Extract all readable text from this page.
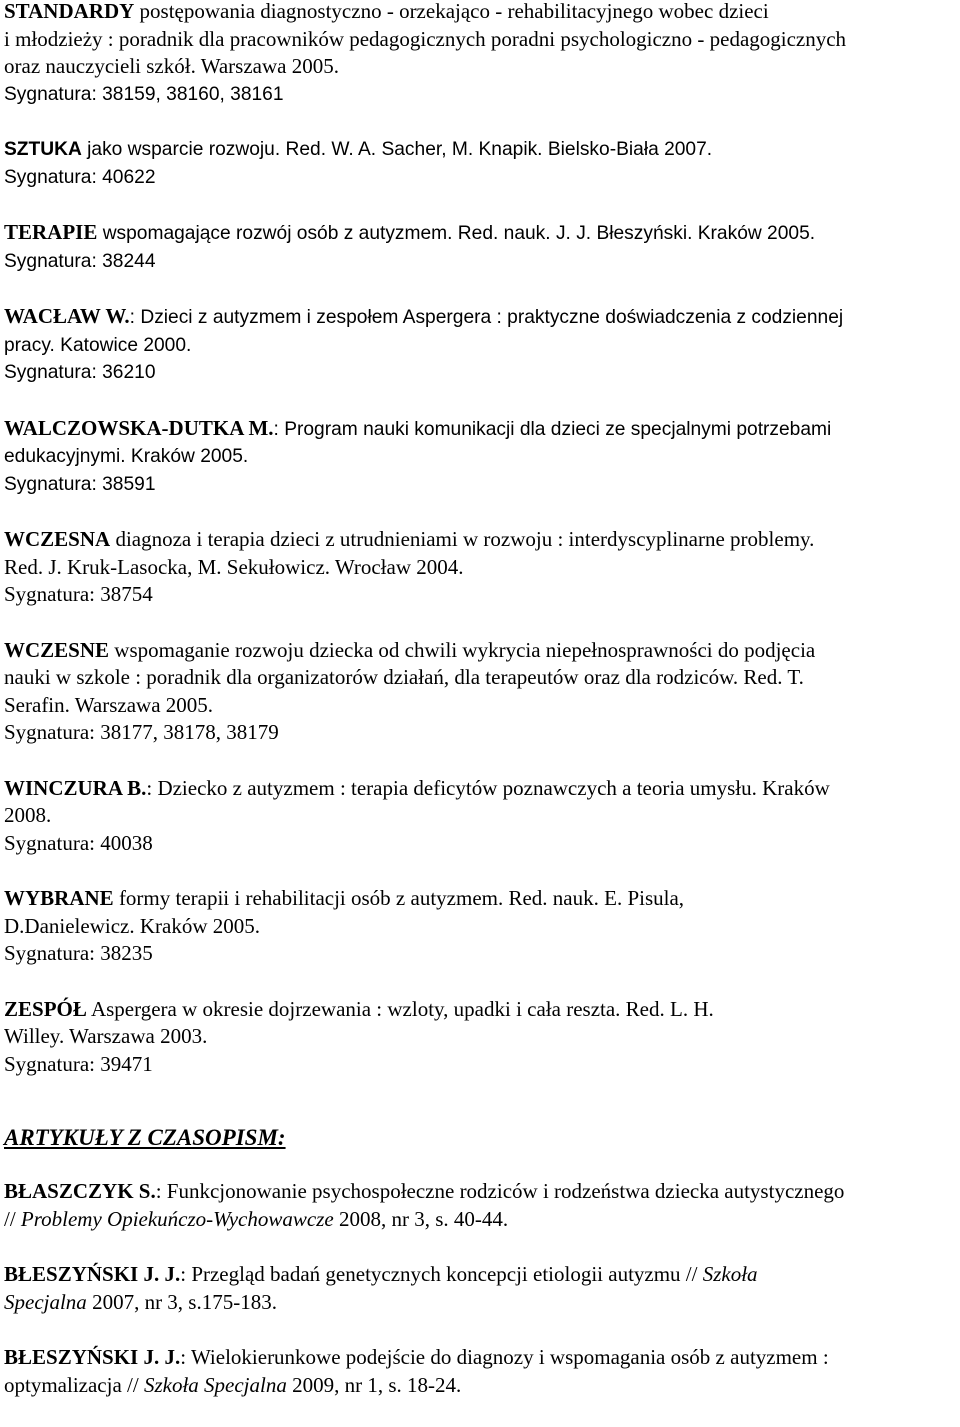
STANDARDY postępowania diagnostyczno - orzekająco - rehabilitacyjnego wobec dzieci

i młodzieży : poradnik dla pracowników pedagogicznych poradni psychologiczno - pedagogicznych

oraz nauczycieli szkół. Warszawa 2005.

Sygnatura: 38159, 38160, 38161

SZTUKA jako wsparcie rozwoju. Red. W. A. Sacher, M. Knapik. Bielsko-Biała 2007.

Sygnatura: 40622

TERAPIE wspomagające rozwój osób z autyzmem. Red. nauk. J. J. Błeszyński. Kraków 2005.

Sygnatura: 38244

WACŁAW W.: Dzieci z autyzmem i zespołem Aspergera : praktyczne doświadczenia z codziennej

pracy. Katowice 2000.

Sygnatura: 36210

WALCZOWSKA-DUTKA M.: Program nauki komunikacji dla dzieci ze specjalnymi potrzebami

edukacyjnymi. Kraków 2005.

Sygnatura: 38591

WCZESNA diagnoza i terapia dzieci z utrudnieniami w rozwoju : interdyscyplinarne problemy.

Red. J. Kruk-Lasocka, M. Sekułowicz. Wrocław 2004.

Sygnatura: 38754

WCZESNE wspomaganie rozwoju dziecka od chwili wykrycia niepełnosprawności do podjęcia

nauki w szkole : poradnik dla organizatorów działań, dla terapeutów oraz dla rodziców. Red. T.

Serafin. Warszawa 2005.

Sygnatura: 38177, 38178, 38179

WINCZURA B.: Dziecko z autyzmem : terapia deficytów poznawczych a teoria umysłu. Kraków

2008.

Sygnatura: 40038

WYBRANE formy terapii i rehabilitacji osób z autyzmem. Red. nauk. E. Pisula,

D.Danielewicz. Kraków 2005.

Sygnatura: 38235

ZESPÓŁ Aspergera w okresie dojrzewania : wzloty, upadki i cała reszta. Red. L. H.

Willey. Warszawa 2003.

Sygnatura: 39471

ARTYKUŁY Z CZASOPISM:

BŁASZCZYK S.: Funkcjonowanie psychospołeczne rodziców i rodzeństwa dziecka autystycznego

// Problemy Opiekuńczo-Wychowawcze 2008, nr 3, s. 40-44.

BŁESZYŃSKI J. J.: Przegląd badań genetycznych koncepcji etiologii autyzmu // Szkoła

Specjalna 2007, nr 3, s.175-183.

BŁESZYŃSKI J. J.: Wielokierunkowe podejście do diagnozy i wspomagania osób z autyzmem :

optymalizacja // Szkoła Specjalna 2009, nr 1, s. 18-24.
